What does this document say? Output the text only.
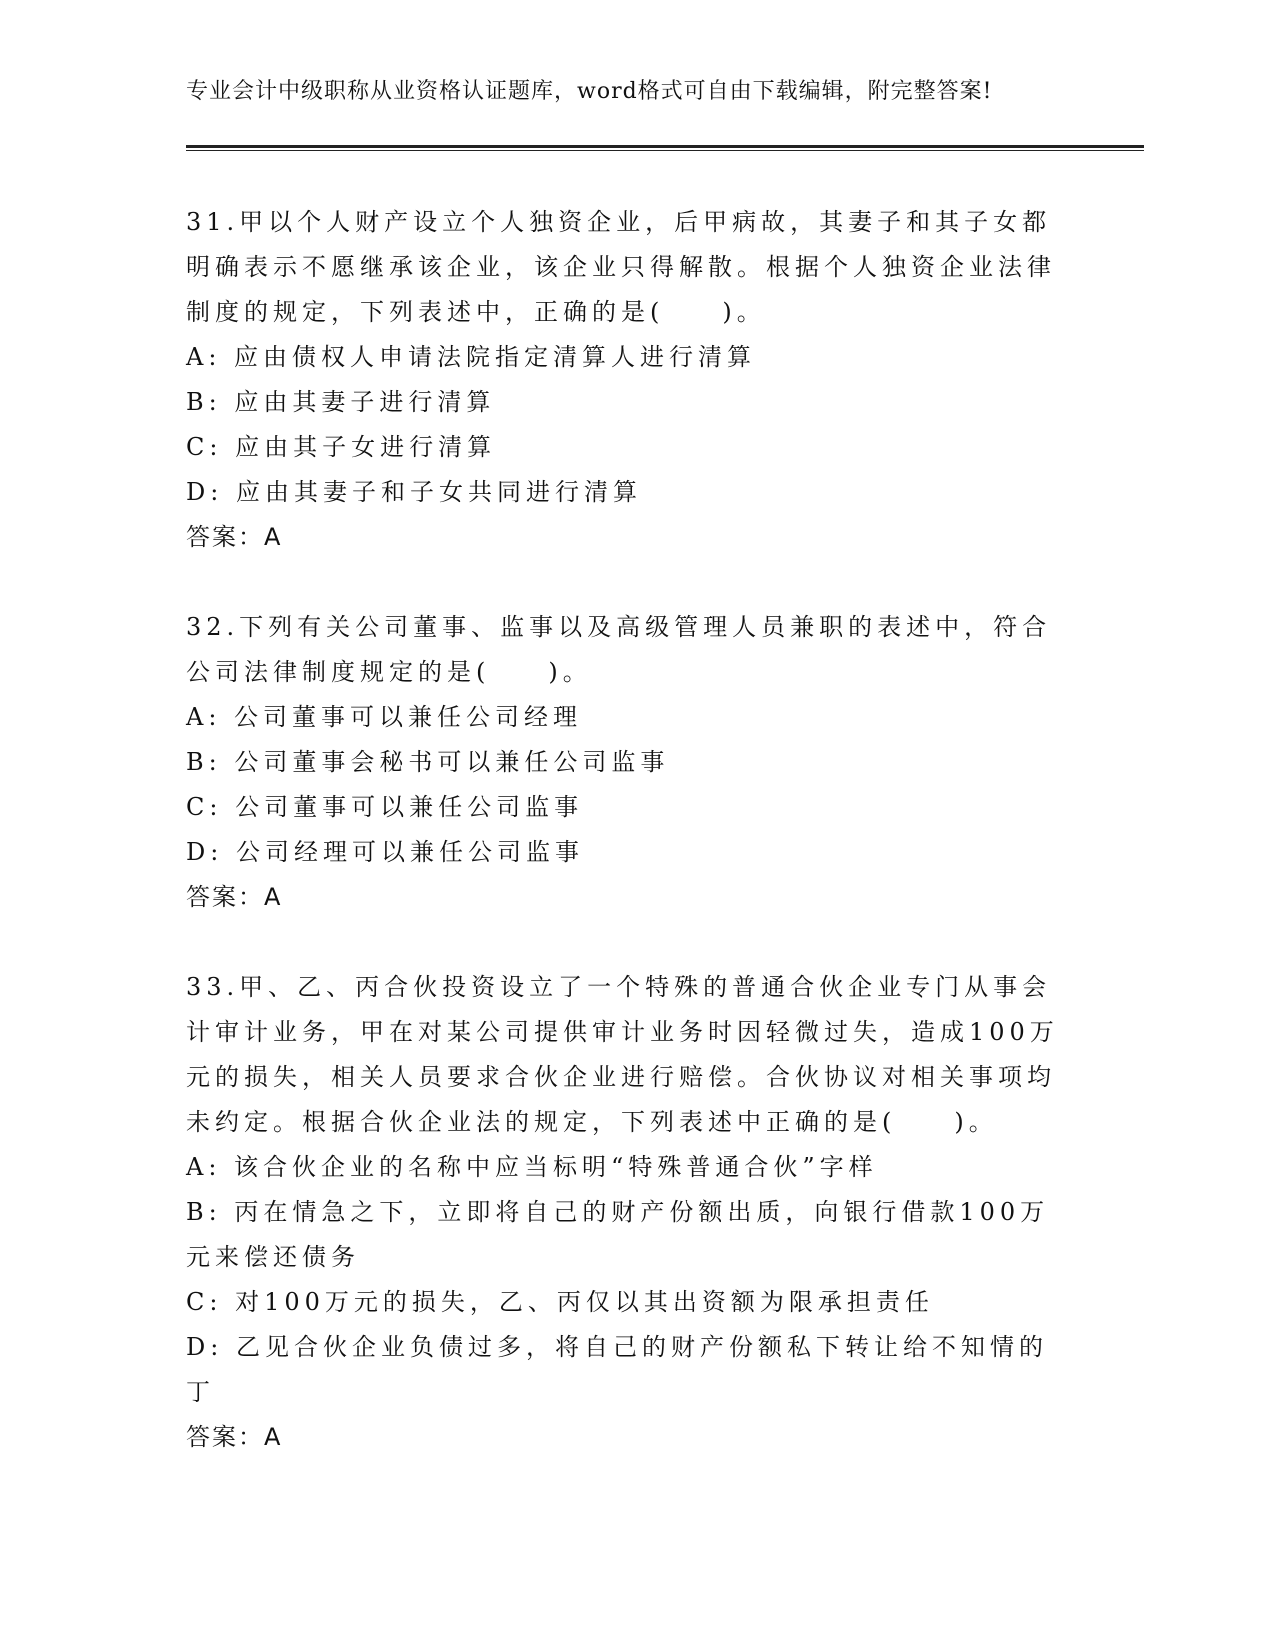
专业会计中级职称从业资格认证题库，word格式可自由下载编辑，附完整答案!

31.甲以个人财产设立个人独资企业，后甲病故，其妻子和其子女都明确表示不愿继承该企业，该企业只得解散。根据个人独资企业法律制度的规定，下列表述中，正确的是(　　)。

A: 应由债权人申请法院指定清算人进行清算

B: 应由其妻子进行清算

C: 应由其子女进行清算

D: 应由其妻子和子女共同进行清算

答案：A

32.下列有关公司董事、监事以及高级管理人员兼职的表述中，符合公司法律制度规定的是(　　)。

A: 公司董事可以兼任公司经理

B: 公司董事会秘书可以兼任公司监事

C: 公司董事可以兼任公司监事

D: 公司经理可以兼任公司监事

答案：A

33.甲、乙、丙合伙投资设立了一个特殊的普通合伙企业专门从事会计审计业务，甲在对某公司提供审计业务时因轻微过失，造成100万元的损失，相关人员要求合伙企业进行赔偿。合伙协议对相关事项均未约定。根据合伙企业法的规定，下列表述中正确的是(　　)。

A: 该合伙企业的名称中应当标明“特殊普通合伙”字样

B: 丙在情急之下，立即将自己的财产份额出质，向银行借款100万元来偿还债务

C: 对100万元的损失，乙、丙仅以其出资额为限承担责任

D: 乙见合伙企业负债过多，将自己的财产份额私下转让给不知情的丁

答案：A
